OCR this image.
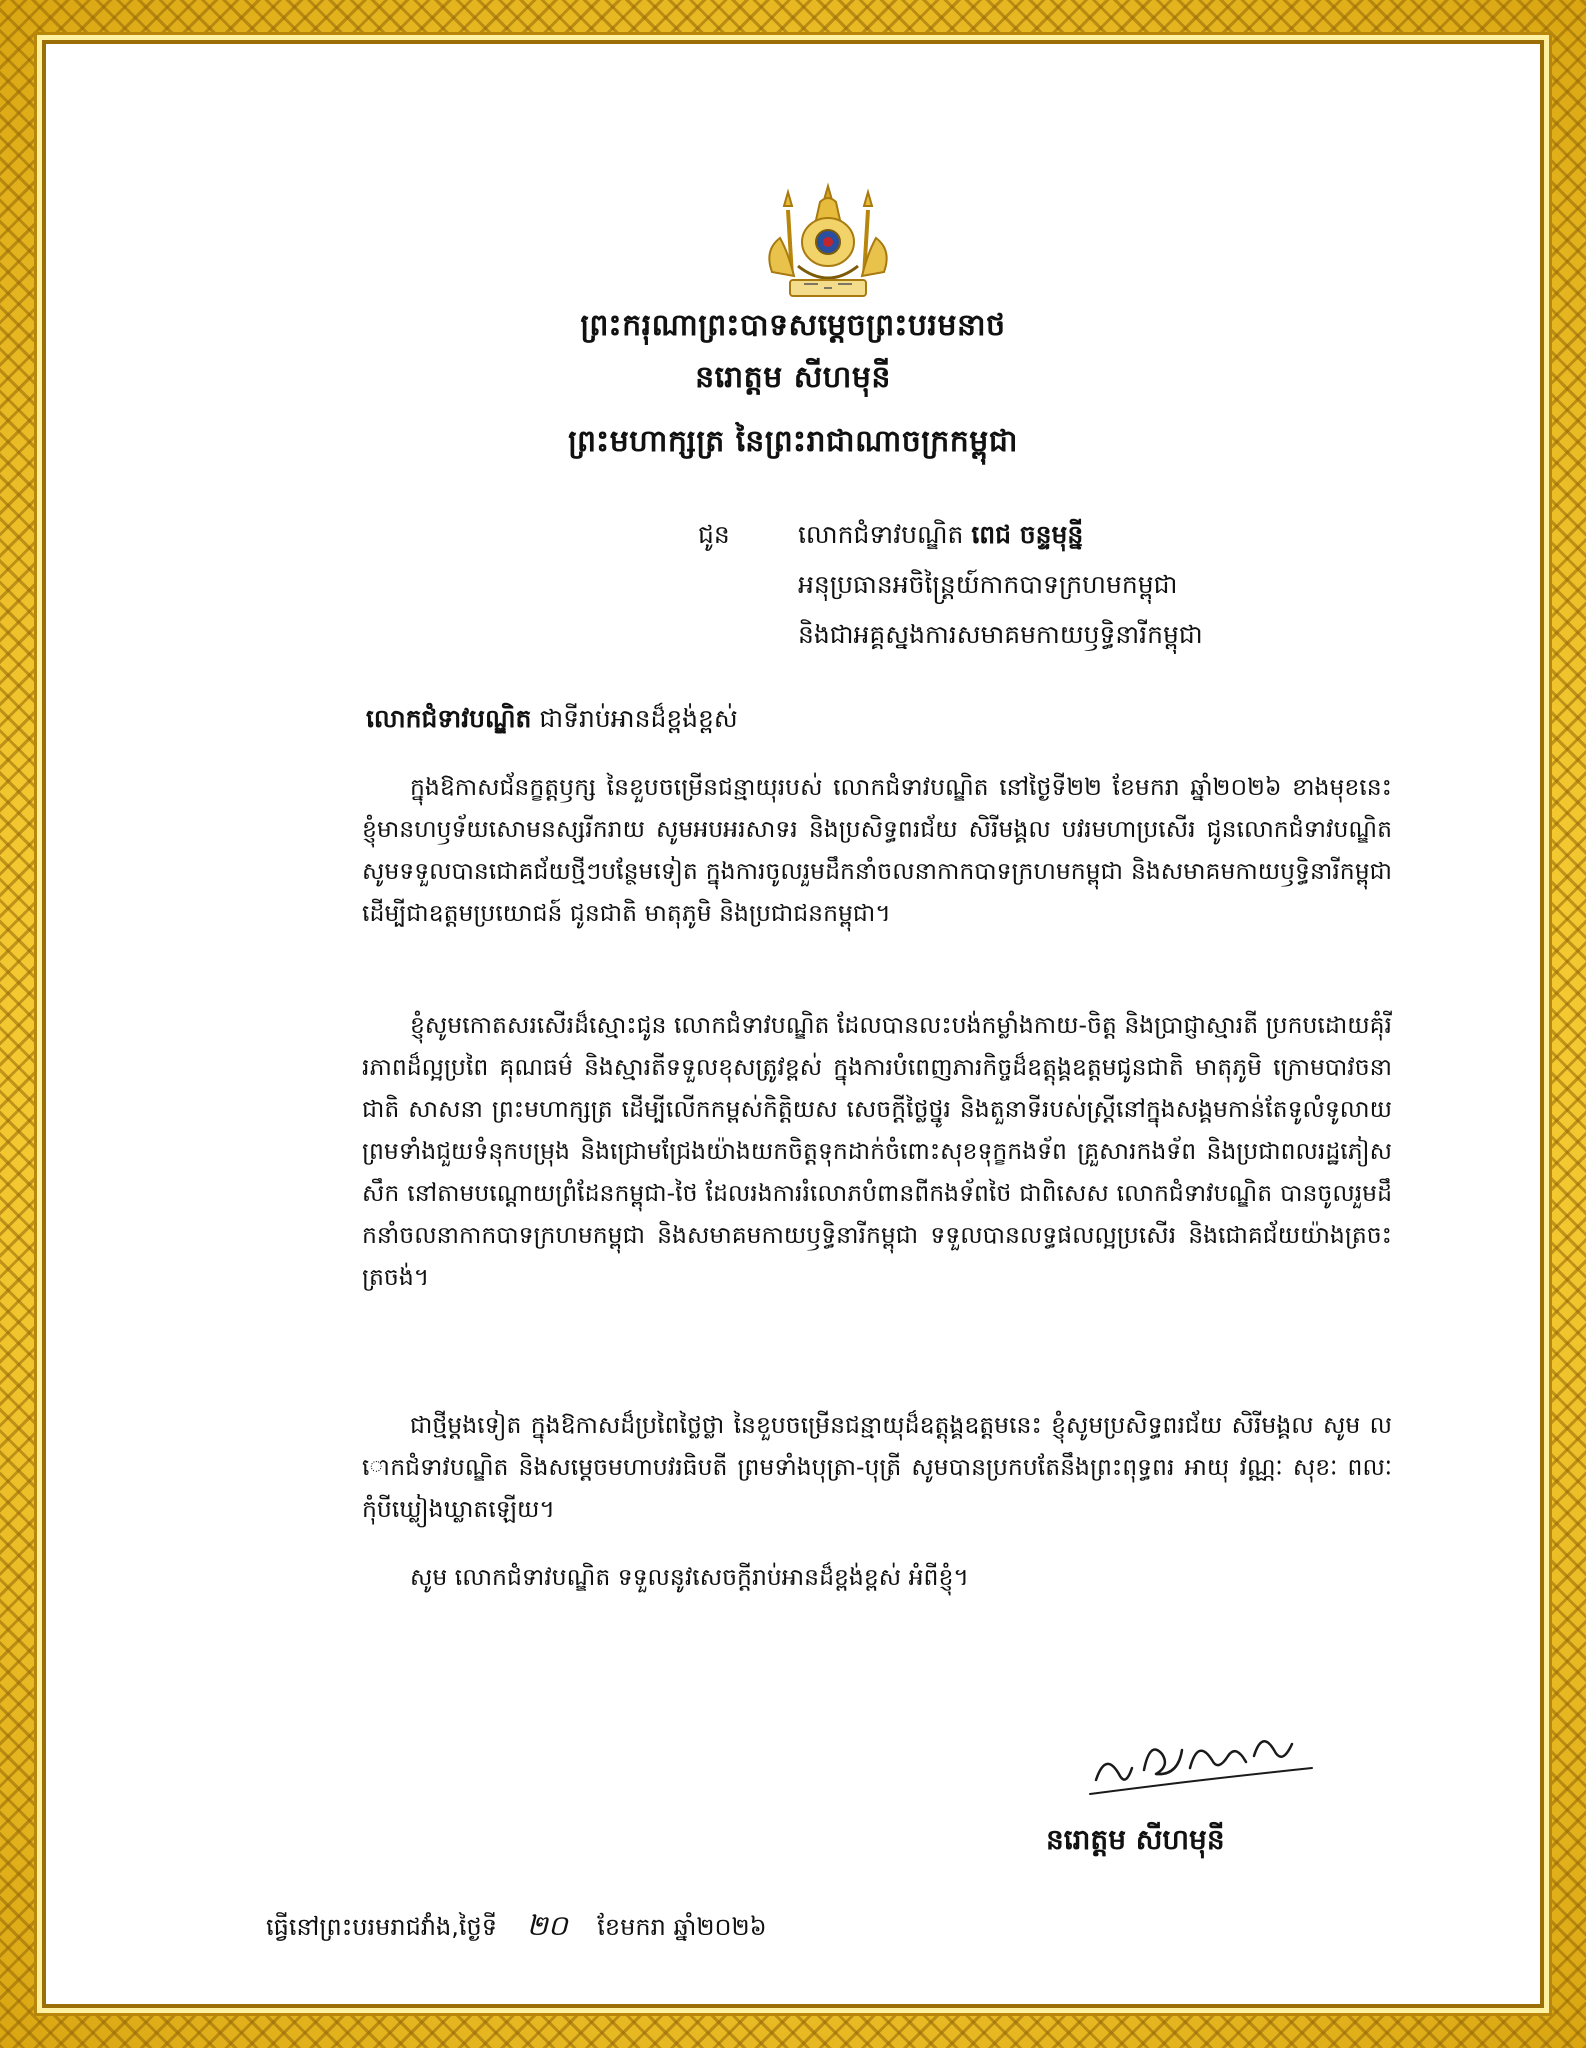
ព្រះករុណាព្រះបាទសម្តេចព្រះបរមនាថ
នរោត្តម សីហមុនី
ព្រះមហាក្សត្រ នៃព្រះរាជាណាចក្រកម្ពុជា
ជូន	លោកជំទាវបណ្ឌិត ពេជ ចន្ទមុន្នី
អនុប្រធានអចិន្ត្រៃយ៍កាកបាទក្រហមកម្ពុជា
និងជាអគ្គស្នងការសមាគមកាយឫទ្ធិនារីកម្ពុជា
លោកជំទាវបណ្ឌិត ជាទីរាប់អានដ៏ខ្ពង់ខ្ពស់
ក្នុងឱកាសជ័នក្ខត្តឫក្ស នៃខួបចម្រើនជន្មាយុរបស់ លោកជំទាវបណ្ឌិត នៅថ្ងៃទី២២ ខែមករា ឆ្នាំ២០២៦ ខាងមុខនេះ ខ្ញុំមានហឫទ័យសោមនស្សរីករាយ សូមអបអរសាទរ និងប្រសិទ្ធពរជ័យ សិរីមង្គល បវរមហាប្រសើរ ជូនលោកជំទាវបណ្ឌិត សូមទទួលបានជោគជ័យថ្មីៗបន្ថែមទៀត ក្នុងការចូលរួមដឹកនាំចលនាកាកបាទក្រហមកម្ពុជា និងសមាគមកាយឫទ្ធិនារីកម្ពុជា ដើម្បីជាឧត្តមប្រយោជន៍ ជូនជាតិ មាតុភូមិ និងប្រជាជនកម្ពុជា។
ខ្ញុំសូមកោតសរសើរដ៏ស្មោះជូន លោកជំទាវបណ្ឌិត ដែលបានលះបង់កម្លាំងកាយ-ចិត្ត និងប្រាជ្ញាស្មារតី ប្រកបដោយគុំរីរភាពដ៏ល្អប្រពៃ គុណធម៌ និងស្មារតីទទួលខុសត្រូវខ្ពស់ ក្នុងការបំពេញភារកិច្ចដ៏ឧត្តុង្គឧត្តមជូនជាតិ មាតុភូមិ ក្រោមបាវចនា ជាតិ សាសនា ព្រះមហាក្សត្រ ដើម្បីលើកកម្ពស់កិត្តិយស សេចក្តីថ្លៃថ្នូរ និងតួនាទីរបស់ស្ត្រីនៅក្នុងសង្គមកាន់តែទូលំទូលាយ ព្រមទាំងជួយទំនុកបម្រុង និងជ្រោមជ្រែងយ៉ាងយកចិត្តទុកដាក់ចំពោះសុខទុក្ខកងទ័ព គ្រួសារកងទ័ព និងប្រជាពលរដ្ឋភៀសសឹក នៅតាមបណ្តោយព្រំដែនកម្ពុជា-ថៃ ដែលរងការរំលោភបំពានពីកងទ័ពថៃ ជាពិសេស លោកជំទាវបណ្ឌិត បានចូលរួមដឹកនាំចលនាកាកបាទក្រហមកម្ពុជា និងសមាគមកាយឫទ្ធិនារីកម្ពុជា ទទួលបានលទ្ធផលល្អប្រសើរ និងជោគជ័យយ៉ាងត្រចះត្រចង់។
ជាថ្មីម្តងទៀត ក្នុងឱកាសដ៏ប្រពៃថ្លៃថ្លា នៃខួបចម្រើនជន្មាយុដ៏ឧត្តុង្គឧត្តមនេះ ខ្ញុំសូមប្រសិទ្ធពរជ័យ សិរីមង្គល សូម លោកជំទាវបណ្ឌិត និងសម្តេចមហាបវរធិបតី ព្រមទាំងបុត្រា-បុត្រី សូមបានប្រកបតែនឹងព្រះពុទ្ធពរ អាយុ វណ្ណៈ សុខៈ ពលៈ កុំបីឃ្លៀងឃ្លាតឡើយ។
សូម លោកជំទាវបណ្ឌិត ទទួលនូវសេចក្តីរាប់អានដ៏ខ្ពង់ខ្ពស់ អំពីខ្ញុំ។
នរោត្តម សីហមុនី
ធ្វើនៅព្រះបរមរាជវាំង,ថ្ងៃទី ២០ ខែមករា ឆ្នាំ២០២៦
